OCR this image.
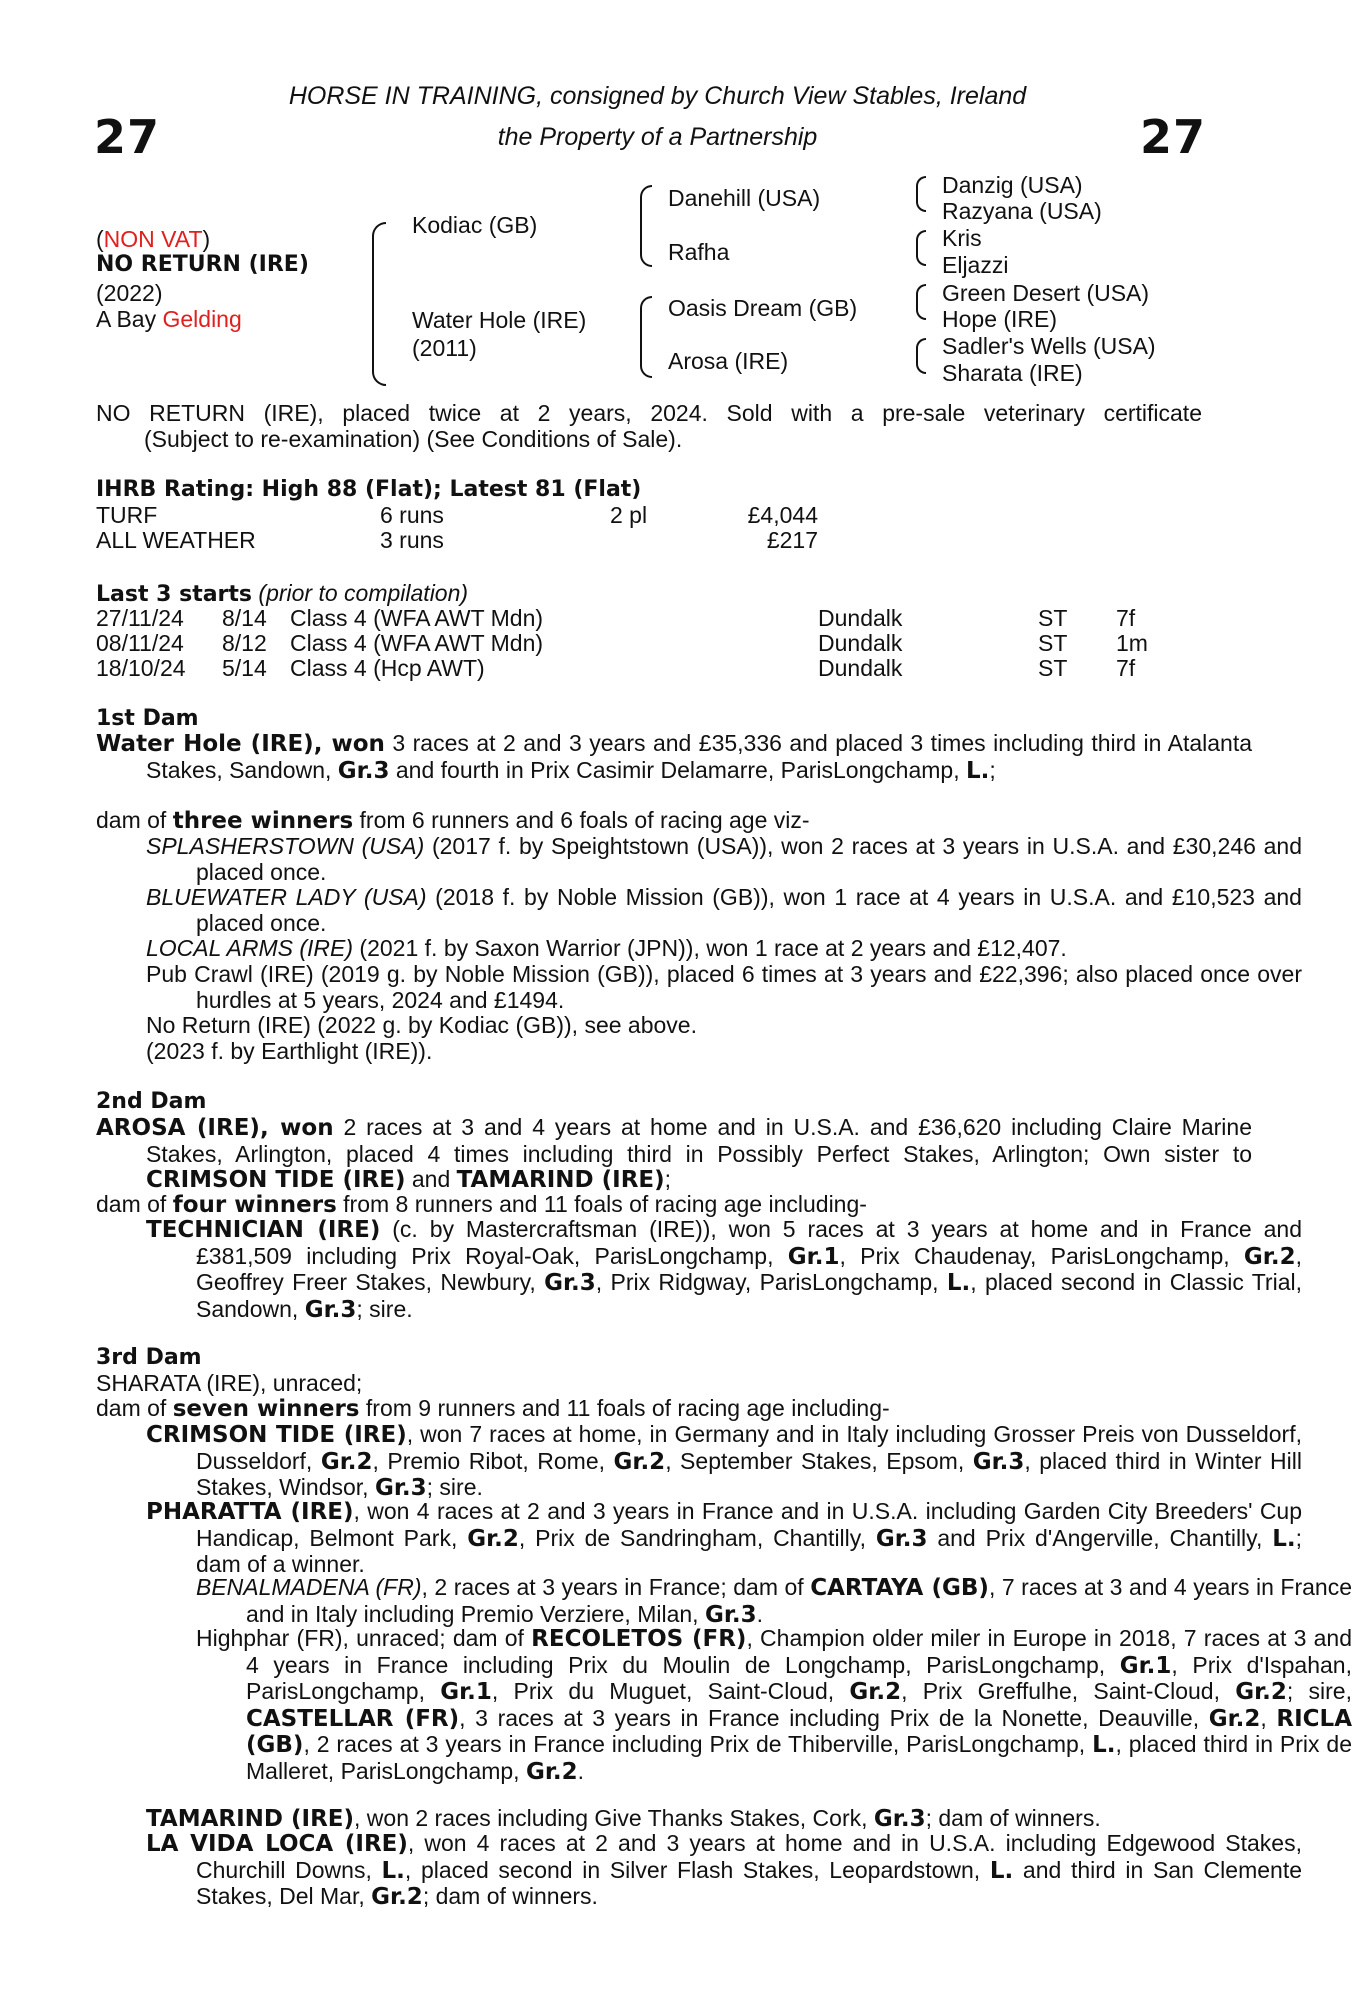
27	27
HORSE IN TRAINING, consigned by Church View Stables, Ireland
the Property of a Partnership
(NON VAT)
NO RETURN (IRE)
(2022)
A Bay Gelding
Kodiac (GB)
Water Hole (IRE)
(2011)
Danehill (USA)
Rafha
Oasis Dream (GB)
Arosa (IRE)
Danzig (USA)
Razyana (USA)
Kris
Eljazzi
Green Desert (USA)
Hope (IRE)
Sadler's Wells (USA)
Sharata (IRE)
NO RETURN (IRE), placed twice at 2 years, 2024. Sold with a pre-sale veterinary certificate
(Subject to re-examination) (See Conditions of Sale).
IHRB Rating: High 88 (Flat); Latest 81 (Flat)
TURF	6 runs	2 pl	£4,044
ALL WEATHER	3 runs	£217
Last 3 starts (prior to compilation)
27/11/24 8/14 Class 4 (WFA AWT Mdn)	Dundalk	ST 7f
08/11/24 8/12 Class 4 (WFA AWT Mdn)	Dundalk	ST 1m
18/10/24 5/14 Class 4 (Hcp AWT)	Dundalk	ST 7f
1st Dam

Water Hole (IRE), won 3 races at 2 and 3 years and £35,336 and placed 3 times including third in Atalanta Stakes, Sandown, Gr.3 and fourth in Prix Casimir Delamarre, ParisLongchamp, L.;

dam of three winners from 6 runners and 6 foals of racing age viz-

SPLASHERSTOWN (USA) (2017 f. by Speightstown (USA)), won 2 races at 3 years in U.S.A. and £30,246 and placed once.

BLUEWATER LADY (USA) (2018 f. by Noble Mission (GB)), won 1 race at 4 years in U.S.A. and £10,523 and placed once.

LOCAL ARMS (IRE) (2021 f. by Saxon Warrior (JPN)), won 1 race at 2 years and £12,407.

Pub Crawl (IRE) (2019 g. by Noble Mission (GB)), placed 6 times at 3 years and £22,396; also placed once over hurdles at 5 years, 2024 and £1494.

No Return (IRE) (2022 g. by Kodiac (GB)), see above.

(2023 f. by Earthlight (IRE)).

2nd Dam

AROSA (IRE), won 2 races at 3 and 4 years at home and in U.S.A. and £36,620 including Claire Marine Stakes, Arlington, placed 4 times including third in Possibly Perfect Stakes, Arlington; Own sister to CRIMSON TIDE (IRE) and TAMARIND (IRE);

dam of four winners from 8 runners and 11 foals of racing age including-

TECHNICIAN (IRE) (c. by Mastercraftsman (IRE)), won 5 races at 3 years at home and in France and £381,509 including Prix Royal-Oak, ParisLongchamp, Gr.1, Prix Chaudenay, ParisLongchamp, Gr.2, Geoffrey Freer Stakes, Newbury, Gr.3, Prix Ridgway, ParisLongchamp, L., placed second in Classic Trial, Sandown, Gr.3; sire.

3rd Dam

SHARATA (IRE), unraced;

dam of seven winners from 9 runners and 11 foals of racing age including-

CRIMSON TIDE (IRE), won 7 races at home, in Germany and in Italy including Grosser Preis von Dusseldorf, Dusseldorf, Gr.2, Premio Ribot, Rome, Gr.2, September Stakes, Epsom, Gr.3, placed third in Winter Hill Stakes, Windsor, Gr.3; sire.

PHARATTA (IRE), won 4 races at 2 and 3 years in France and in U.S.A. including Garden City Breeders' Cup Handicap, Belmont Park, Gr.2, Prix de Sandringham, Chantilly, Gr.3 and Prix d'Angerville, Chantilly, L.; dam of a winner.

BENALMADENA (FR), 2 races at 3 years in France; dam of CARTAYA (GB), 7 races at 3 and 4 years in France and in Italy including Premio Verziere, Milan, Gr.3.

Highphar (FR), unraced; dam of RECOLETOS (FR), Champion older miler in Europe in 2018, 7 races at 3 and 4 years in France including Prix du Moulin de Longchamp, ParisLongchamp, Gr.1, Prix d'Ispahan, ParisLongchamp, Gr.1, Prix du Muguet, Saint-Cloud, Gr.2, Prix Greffulhe, Saint-Cloud, Gr.2; sire, CASTELLAR (FR), 3 races at 3 years in France including Prix de la Nonette, Deauville, Gr.2, RICLA (GB), 2 races at 3 years in France including Prix de Thiberville, ParisLongchamp, L., placed third in Prix de Malleret, ParisLongchamp, Gr.2.

TAMARIND (IRE), won 2 races including Give Thanks Stakes, Cork, Gr.3; dam of winners.

LA VIDA LOCA (IRE), won 4 races at 2 and 3 years at home and in U.S.A. including Edgewood Stakes, Churchill Downs, L., placed second in Silver Flash Stakes, Leopardstown, L. and third in San Clemente Stakes, Del Mar, Gr.2; dam of winners.
